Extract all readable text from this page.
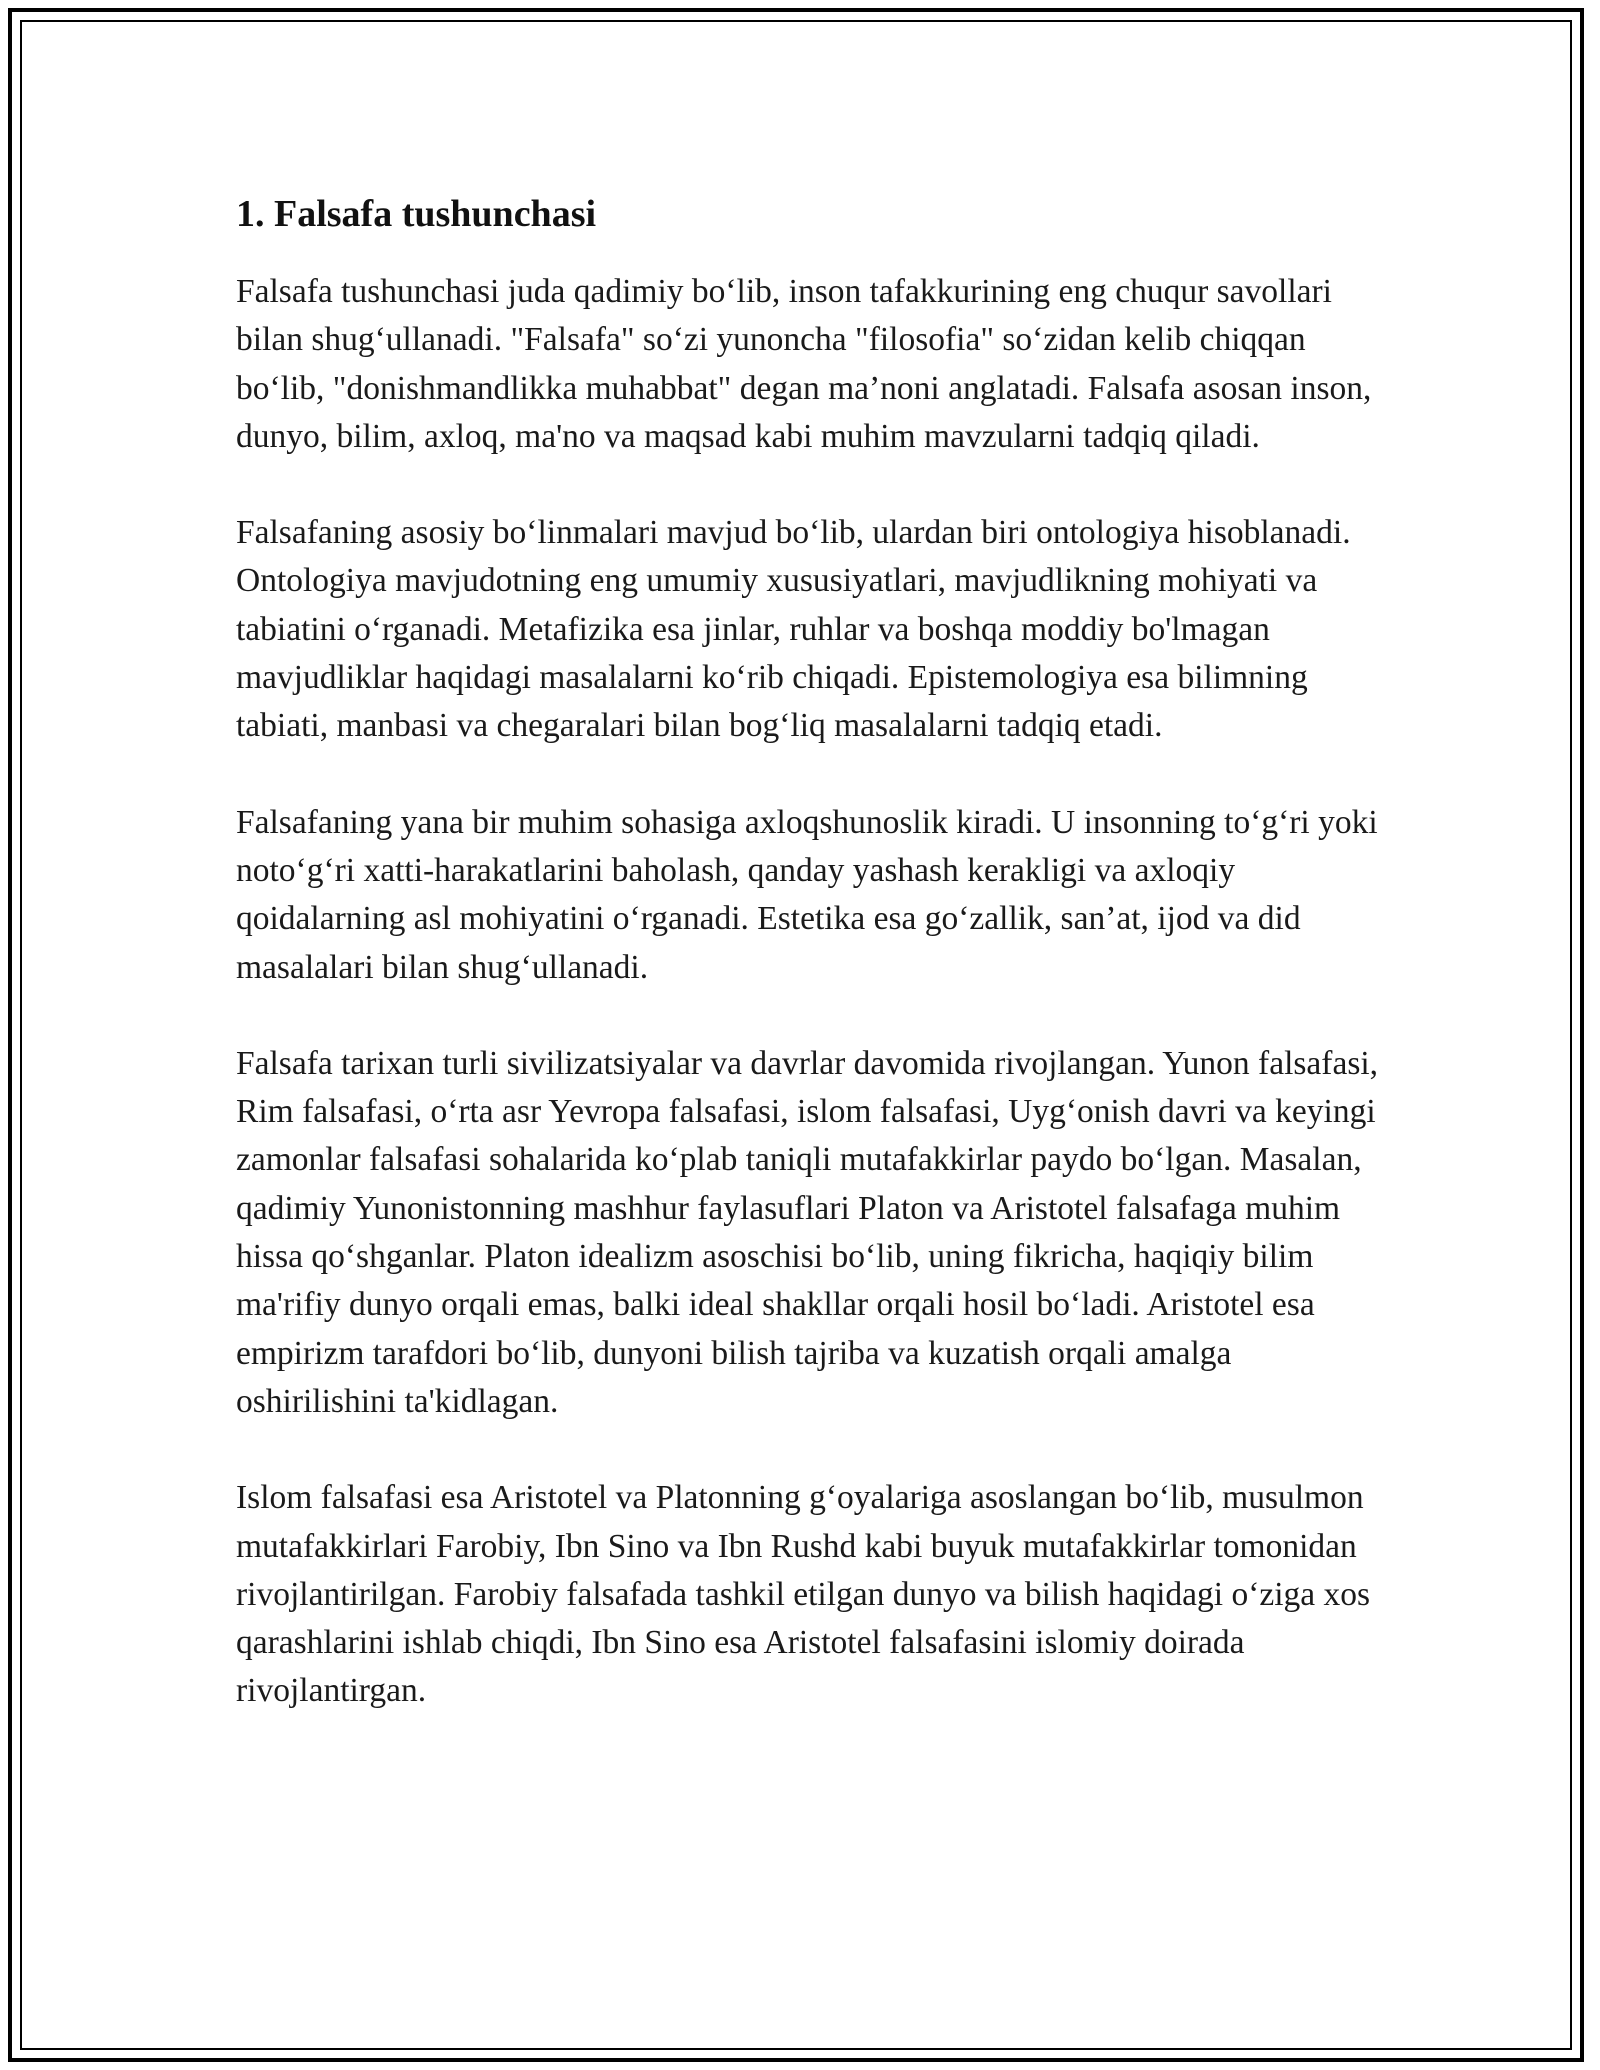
1. Falsafa tushunchasi

Falsafa tushunchasi juda qadimiy bo‘lib, inson tafakkurining eng chuqur savollari bilan shug‘ullanadi. "Falsafa" so‘zi yunoncha "filosofia" so‘zidan kelib chiqqan bo‘lib, "donishmandlikka muhabbat" degan ma’noni anglatadi. Falsafa asosan inson, dunyo, bilim, axloq, ma'no va maqsad kabi muhim mavzularni tadqiq qiladi.

Falsafaning asosiy bo‘linmalari mavjud bo‘lib, ulardan biri ontologiya hisoblanadi. Ontologiya mavjudotning eng umumiy xususiyatlari, mavjudlikning mohiyati va tabiatini o‘rganadi. Metafizika esa jinlar, ruhlar va boshqa moddiy bo'lmagan mavjudliklar haqidagi masalalarni ko‘rib chiqadi. Epistemologiya esa bilimning tabiati, manbasi va chegaralari bilan bog‘liq masalalarni tadqiq etadi.

Falsafaning yana bir muhim sohasiga axloqshunoslik kiradi. U insonning to‘g‘ri yoki noto‘g‘ri xatti-harakatlarini baholash, qanday yashash kerakligi va axloqiy qoidalarning asl mohiyatini o‘rganadi. Estetika esa go‘zallik, san’at, ijod va did masalalari bilan shug‘ullanadi.

Falsafa tarixan turli sivilizatsiyalar va davrlar davomida rivojlangan. Yunon falsafasi, Rim falsafasi, o‘rta asr Yevropa falsafasi, islom falsafasi, Uyg‘onish davri va keyingi zamonlar falsafasi sohalarida ko‘plab taniqli mutafakkirlar paydo bo‘lgan. Masalan, qadimiy Yunonistonning mashhur faylasuflari Platon va Aristotel falsafaga muhim hissa qo‘shganlar. Platon idealizm asoschisi bo‘lib, uning fikricha, haqiqiy bilim ma'rifiy dunyo orqali emas, balki ideal shakllar orqali hosil bo‘ladi. Aristotel esa empirizm tarafdori bo‘lib, dunyoni bilish tajriba va kuzatish orqali amalga oshirilishini ta'kidlagan.

Islom falsafasi esa Aristotel va Platonning g‘oyalariga asoslangan bo‘lib, musulmon mutafakkirlari Farobiy, Ibn Sino va Ibn Rushd kabi buyuk mutafakkirlar tomonidan rivojlantirilgan. Farobiy falsafada tashkil etilgan dunyo va bilish haqidagi o‘ziga xos qarashlarini ishlab chiqdi, Ibn Sino esa Aristotel falsafasini islomiy doirada rivojlantirgan.
